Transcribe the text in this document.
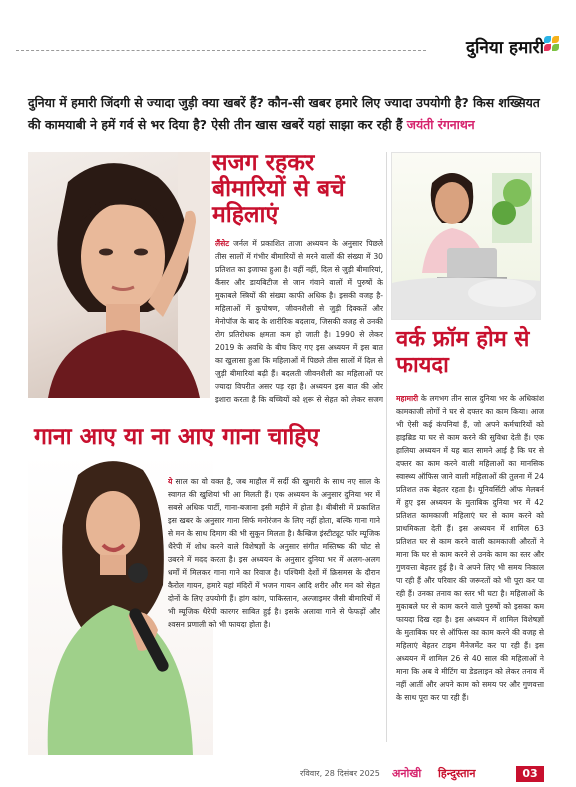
दुनिया हमारी
दुनिया में हमारी जिंदगी से ज्यादा जुड़ी क्या खबरें हैं? कौन-सी खबर हमारे लिए ज्यादा उपयोगी है? किस शख्सियत की कामयाबी ने हमें गर्व से भर दिया है? ऐसी तीन खास खबरें यहां साझा कर रही हैं जयंती रंगनाथन
सजग रहकर बीमारियों से बचें महिलाएं
लैंसेट जर्नल में प्रकाशित ताजा अध्ययन के अनुसार पिछले तीस सालों में गंभीर बीमारियों से मरने वालों की संख्या में 30 प्रतिशत का इजाफा हुआ है। वहीं नहीं, दिल से जुड़ी बीमारियां, कैंसर और डायबिटीज से जान गंवाने वालों में पुरुषों के मुकाबले स्त्रियों की संख्या काफी अधिक है। इसकी वजह है- महिलाओं में कुपोषण, जीवनशैली से जुड़ी दिक्कतें और मेनोपॉज के बाद के शारीरिक बदलाव, जिसकी वजह से उनकी रोग प्रतिरोधक क्षमता कम हो जाती है। 1990 से लेकर 2019 के अवधि के बीच किए गए इस अध्ययन में इस बात का खुलासा हुआ कि महिलाओं में पिछले तीस सालों में दिल से जुड़ी बीमारियां बढ़ी हैं। बदलती जीवनशैली का महिलाओं पर ज्यादा विपरीत असर पड़ रहा है। अध्ययन इस बात की ओर इशारा करता है कि बच्चियों को शुरू से सेहत को लेकर सजग
वर्क फ्रॉम होम से फायदा
महामारी के लगभग तीन साल दुनिया भर के अधिकांश कामकाजी लोगों ने घर से दफ्तर का काम किया। आज भी ऐसी कई कंपनियां हैं, जो अपने कर्मचारियों को हाइब्रिड या घर से काम करने की सुविधा देती हैं। एक हालिया अध्ययन में यह बात सामने आई है कि घर से दफ्तर का काम करने वाली महिलाओं का मानसिक स्वास्थ्य ऑफिस जाने वाली महिलाओं की तुलना में 24 प्रतिशत तक बेहतर रहता है। यूनिवर्सिटी ऑफ मेलबर्न में हुए इस अध्ययन के मुताबिक दुनिया भर में 42 प्रतिशत कामकाजी महिलाएं घर से काम करने को प्राथमिकता देती हैं। इस अध्ययन में शामिल 63 प्रतिशत घर से काम करने वाली कामकाजी औरतों ने माना कि घर से काम करने से उनके काम का स्तर और गुणवत्ता बेहतर हुई है। वे अपने लिए भी समय निकाल पा रही हैं और परिवार की जरूरतों को भी पूरा कर पा रही हैं। उनका तनाव का स्तर भी घटा है। महिलाओं के मुकाबले घर से काम करने वाले पुरुषों को इसका कम फायदा दिख रहा है। इस अध्ययन में शामिल विशेषज्ञों के मुताबिक घर से ऑफिस का काम करने की वजह से महिलाएं बेहतर टाइम मैनेजमेंट कर पा रही हैं। इस अध्ययन में शामिल 26 से 40 साल की महिलाओं ने माना कि अब वे मीटिंग या डेडलाइन को लेकर तनाव में नहीं आतीं और अपने काम को समय पर और गुणवत्ता के साथ पूरा कर पा रही हैं।
गाना आए या ना आए गाना चाहिए
ये साल का वो वक्त है, जब माहौल में सर्दी की खुमारी के साथ नए साल के स्वागत की खुशियां भी आ मिलती हैं। एक अध्ययन के अनुसार दुनिया भर में सबसे अधिक पार्टी, गाना-बजाना इसी महीने में होता है। बीबीसी में प्रकाशित इस खबर के अनुसार गाना सिर्फ मनोरंजन के लिए नहीं होता, बल्कि गाना गाने से मन के साथ दिमाग की भी सुकून मिलता है। कैम्ब्रिज इंस्टीट्यूट फॉर म्यूजिक थैरेपी में शोध करने वाले विशेषज्ञों के अनुसार संगीत मस्तिष्क की चोट से उबरने में मदद करता है। इस अध्ययन के अनुसार दुनिया भर में अलग-अलग धर्मों में मिलकर गाना गाने का रिवाज है। पश्चिमी देशों में क्रिसमस के दौरान कैरोल गायन, हमारे यहां मंदिरों में भजन गायन आदि शरीर और मन को सेहत दोनों के लिए उपयोगी हैं। हांग कांग, पाकिस्तान, अल्जाइमर जैसी बीमारियों में भी म्यूजिक थैरेपी कारगर साबित हुई है। इसके अलावा गाने से फेफड़ों और श्वसन प्रणाली को भी फायदा होता है।
रविवार, 28 दिसंबर 2025 अनोखी हिन्दुस्तान	03
